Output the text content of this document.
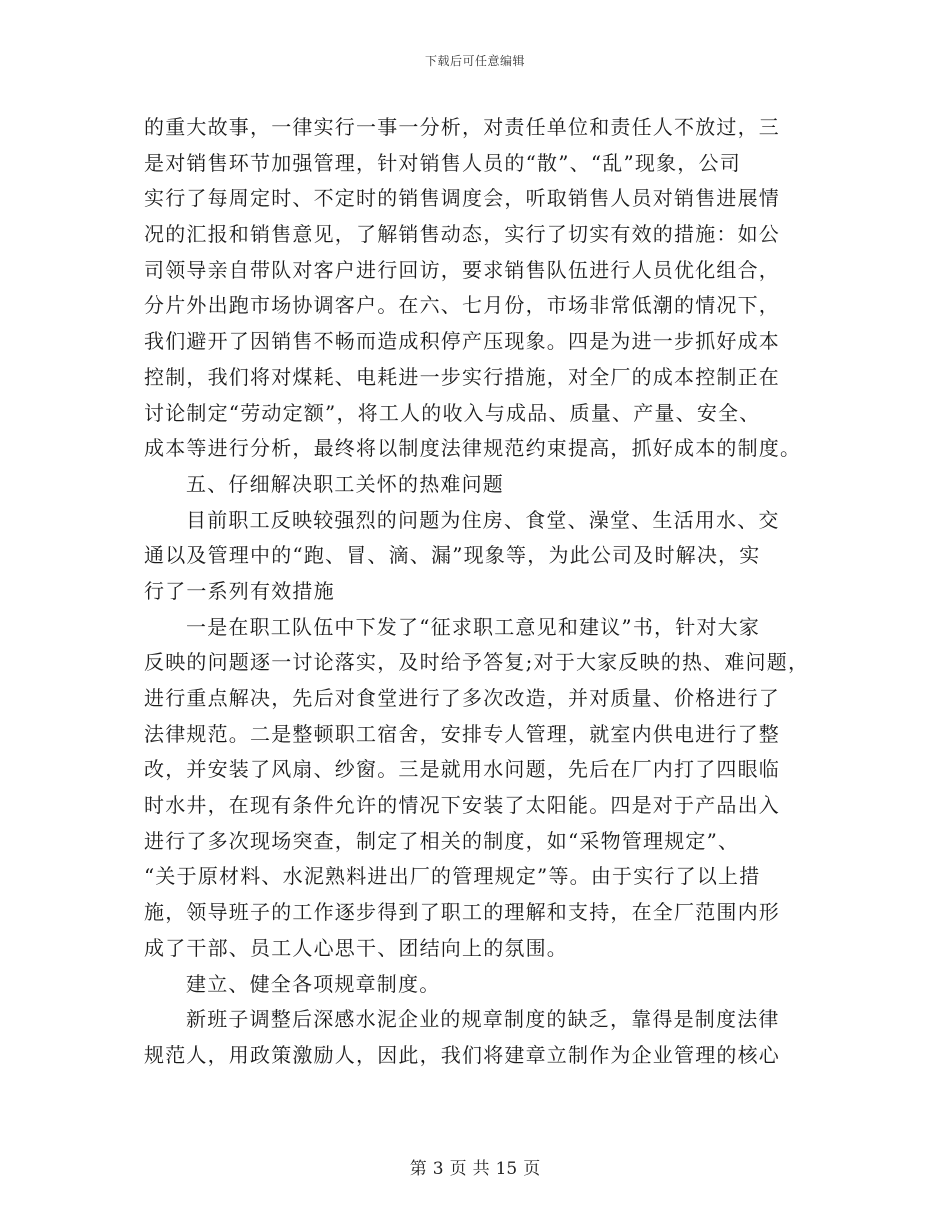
下载后可任意编辑
的重大故事，一律实行一事一分析，对责任单位和责任人不放过，三
是对销售环节加强管理，针对销售人员的“散”、“乱”现象，公司
实行了每周定时、不定时的销售调度会，听取销售人员对销售进展情
况的汇报和销售意见，了解销售动态，实行了切实有效的措施：如公
司领导亲自带队对客户进行回访，要求销售队伍进行人员优化组合，
分片外出跑市场协调客户。在六、七月份，市场非常低潮的情况下，
我们避开了因销售不畅而造成积停产压现象。四是为进一步抓好成本
控制，我们将对煤耗、电耗进一步实行措施，对全厂的成本控制正在
讨论制定“劳动定额”，将工人的收入与成品、质量、产量、安全、
成本等进行分析，最终将以制度法律规范约束提高，抓好成本的制度。
五、仔细解决职工关怀的热难问题
目前职工反映较强烈的问题为住房、食堂、澡堂、生活用水、交
通以及管理中的“跑、冒、滴、漏”现象等，为此公司及时解决，实
行了一系列有效措施
一是在职工队伍中下发了“征求职工意见和建议”书，针对大家
反映的问题逐一讨论落实，及时给予答复;对于大家反映的热、难问题，
进行重点解决，先后对食堂进行了多次改造，并对质量、价格进行了
法律规范。二是整顿职工宿舍，安排专人管理，就室内供电进行了整
改，并安装了风扇、纱窗。三是就用水问题，先后在厂内打了四眼临
时水井，在现有条件允许的情况下安装了太阳能。四是对于产品出入
进行了多次现场突查，制定了相关的制度，如“采物管理规定”、
“关于原材料、水泥熟料进出厂的管理规定”等。由于实行了以上措
施，领导班子的工作逐步得到了职工的理解和支持，在全厂范围内形
成了干部、员工人心思干、团结向上的氛围。
建立、健全各项规章制度。
新班子调整后深感水泥企业的规章制度的缺乏，靠得是制度法律
规范人，用政策激励人，因此，我们将建章立制作为企业管理的核心
第 3 页 共 15 页
